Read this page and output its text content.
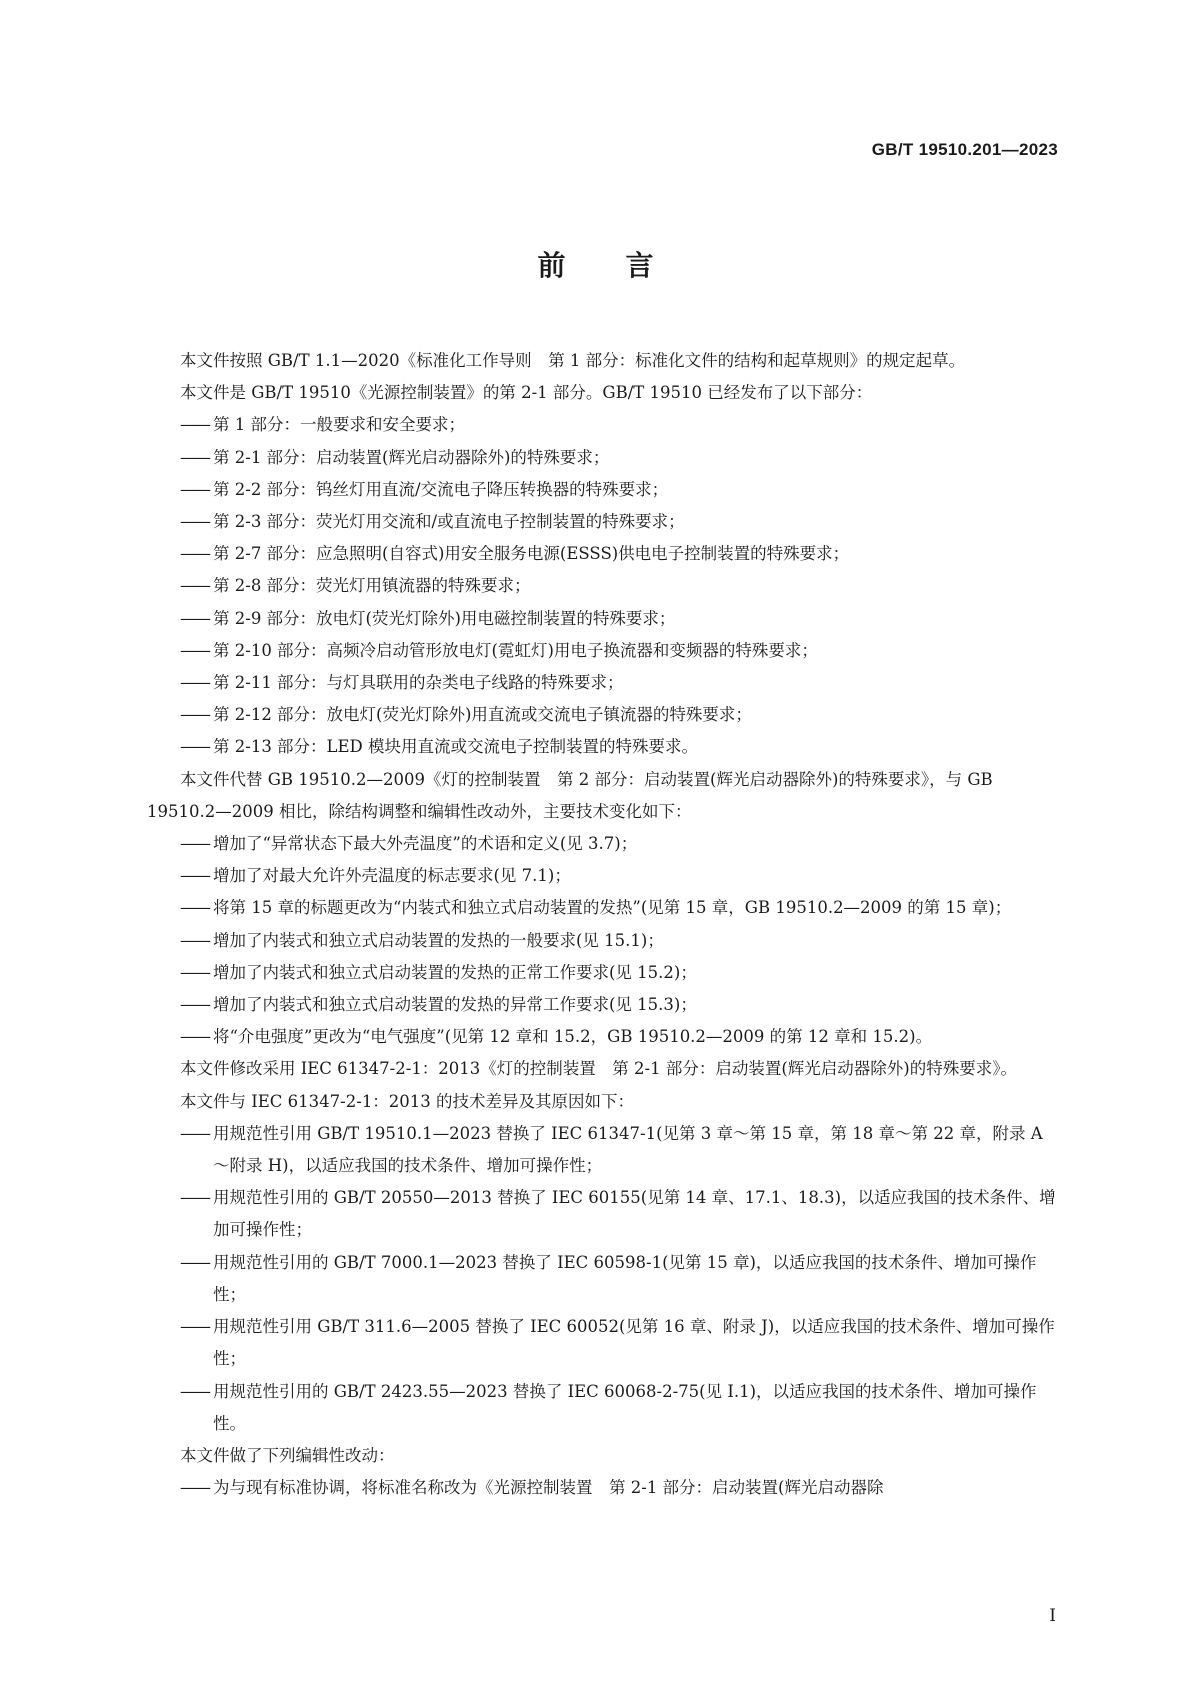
GB/T 19510.201—2023
前言
本文件按照 GB/T 1.1—2020《标准化工作导则　第 1 部分：标准化文件的结构和起草规则》的规定起草。
本文件是 GB/T 19510《光源控制装置》的第 2-1 部分。GB/T 19510 已经发布了以下部分：
—— 第 1 部分：一般要求和安全要求；
—— 第 2-1 部分：启动装置(辉光启动器除外)的特殊要求；
—— 第 2-2 部分：钨丝灯用直流/交流电子降压转换器的特殊要求；
—— 第 2-3 部分：荧光灯用交流和/或直流电子控制装置的特殊要求；
—— 第 2-7 部分：应急照明(自容式)用安全服务电源(ESSS)供电电子控制装置的特殊要求；
—— 第 2-8 部分：荧光灯用镇流器的特殊要求；
—— 第 2-9 部分：放电灯(荧光灯除外)用电磁控制装置的特殊要求；
—— 第 2-10 部分：高频冷启动管形放电灯(霓虹灯)用电子换流器和变频器的特殊要求；
—— 第 2-11 部分：与灯具联用的杂类电子线路的特殊要求；
—— 第 2-12 部分：放电灯(荧光灯除外)用直流或交流电子镇流器的特殊要求；
—— 第 2-13 部分：LED 模块用直流或交流电子控制装置的特殊要求。
本文件代替 GB 19510.2—2009《灯的控制装置　第 2 部分：启动装置(辉光启动器除外)的特殊要求》，与 GB 19510.2—2009 相比，除结构调整和编辑性改动外，主要技术变化如下：
—— 增加了“异常状态下最大外壳温度”的术语和定义(见 3.7)；
—— 增加了对最大允许外壳温度的标志要求(见 7.1)；
—— 将第 15 章的标题更改为“内装式和独立式启动装置的发热”(见第 15 章，GB 19510.2—2009 的第 15 章)；
—— 增加了内装式和独立式启动装置的发热的一般要求(见 15.1)；
—— 增加了内装式和独立式启动装置的发热的正常工作要求(见 15.2)；
—— 增加了内装式和独立式启动装置的发热的异常工作要求(见 15.3)；
—— 将“介电强度”更改为“电气强度”(见第 12 章和 15.2，GB 19510.2—2009 的第 12 章和 15.2)。
本文件修改采用 IEC 61347-2-1：2013《灯的控制装置　第 2-1 部分：启动装置(辉光启动器除外)的特殊要求》。
本文件与 IEC 61347-2-1：2013 的技术差异及其原因如下：
—— 用规范性引用 GB/T 19510.1—2023 替换了 IEC 61347-1(见第 3 章～第 15 章，第 18 章～第 22 章，附录 A～附录 H)，以适应我国的技术条件、增加可操作性；
—— 用规范性引用的 GB/T 20550—2013 替换了 IEC 60155(见第 14 章、17.1、18.3)，以适应我国的技术条件、增加可操作性；
—— 用规范性引用的 GB/T 7000.1—2023 替换了 IEC 60598-1(见第 15 章)，以适应我国的技术条件、增加可操作性；
—— 用规范性引用 GB/T 311.6—2005 替换了 IEC 60052(见第 16 章、附录 J)，以适应我国的技术条件、增加可操作性；
—— 用规范性引用的 GB/T 2423.55—2023 替换了 IEC 60068-2-75(见 I.1)，以适应我国的技术条件、增加可操作性。
本文件做了下列编辑性改动：
—— 为与现有标准协调，将标准名称改为《光源控制装置　第 2-1 部分：启动装置(辉光启动器除
I
